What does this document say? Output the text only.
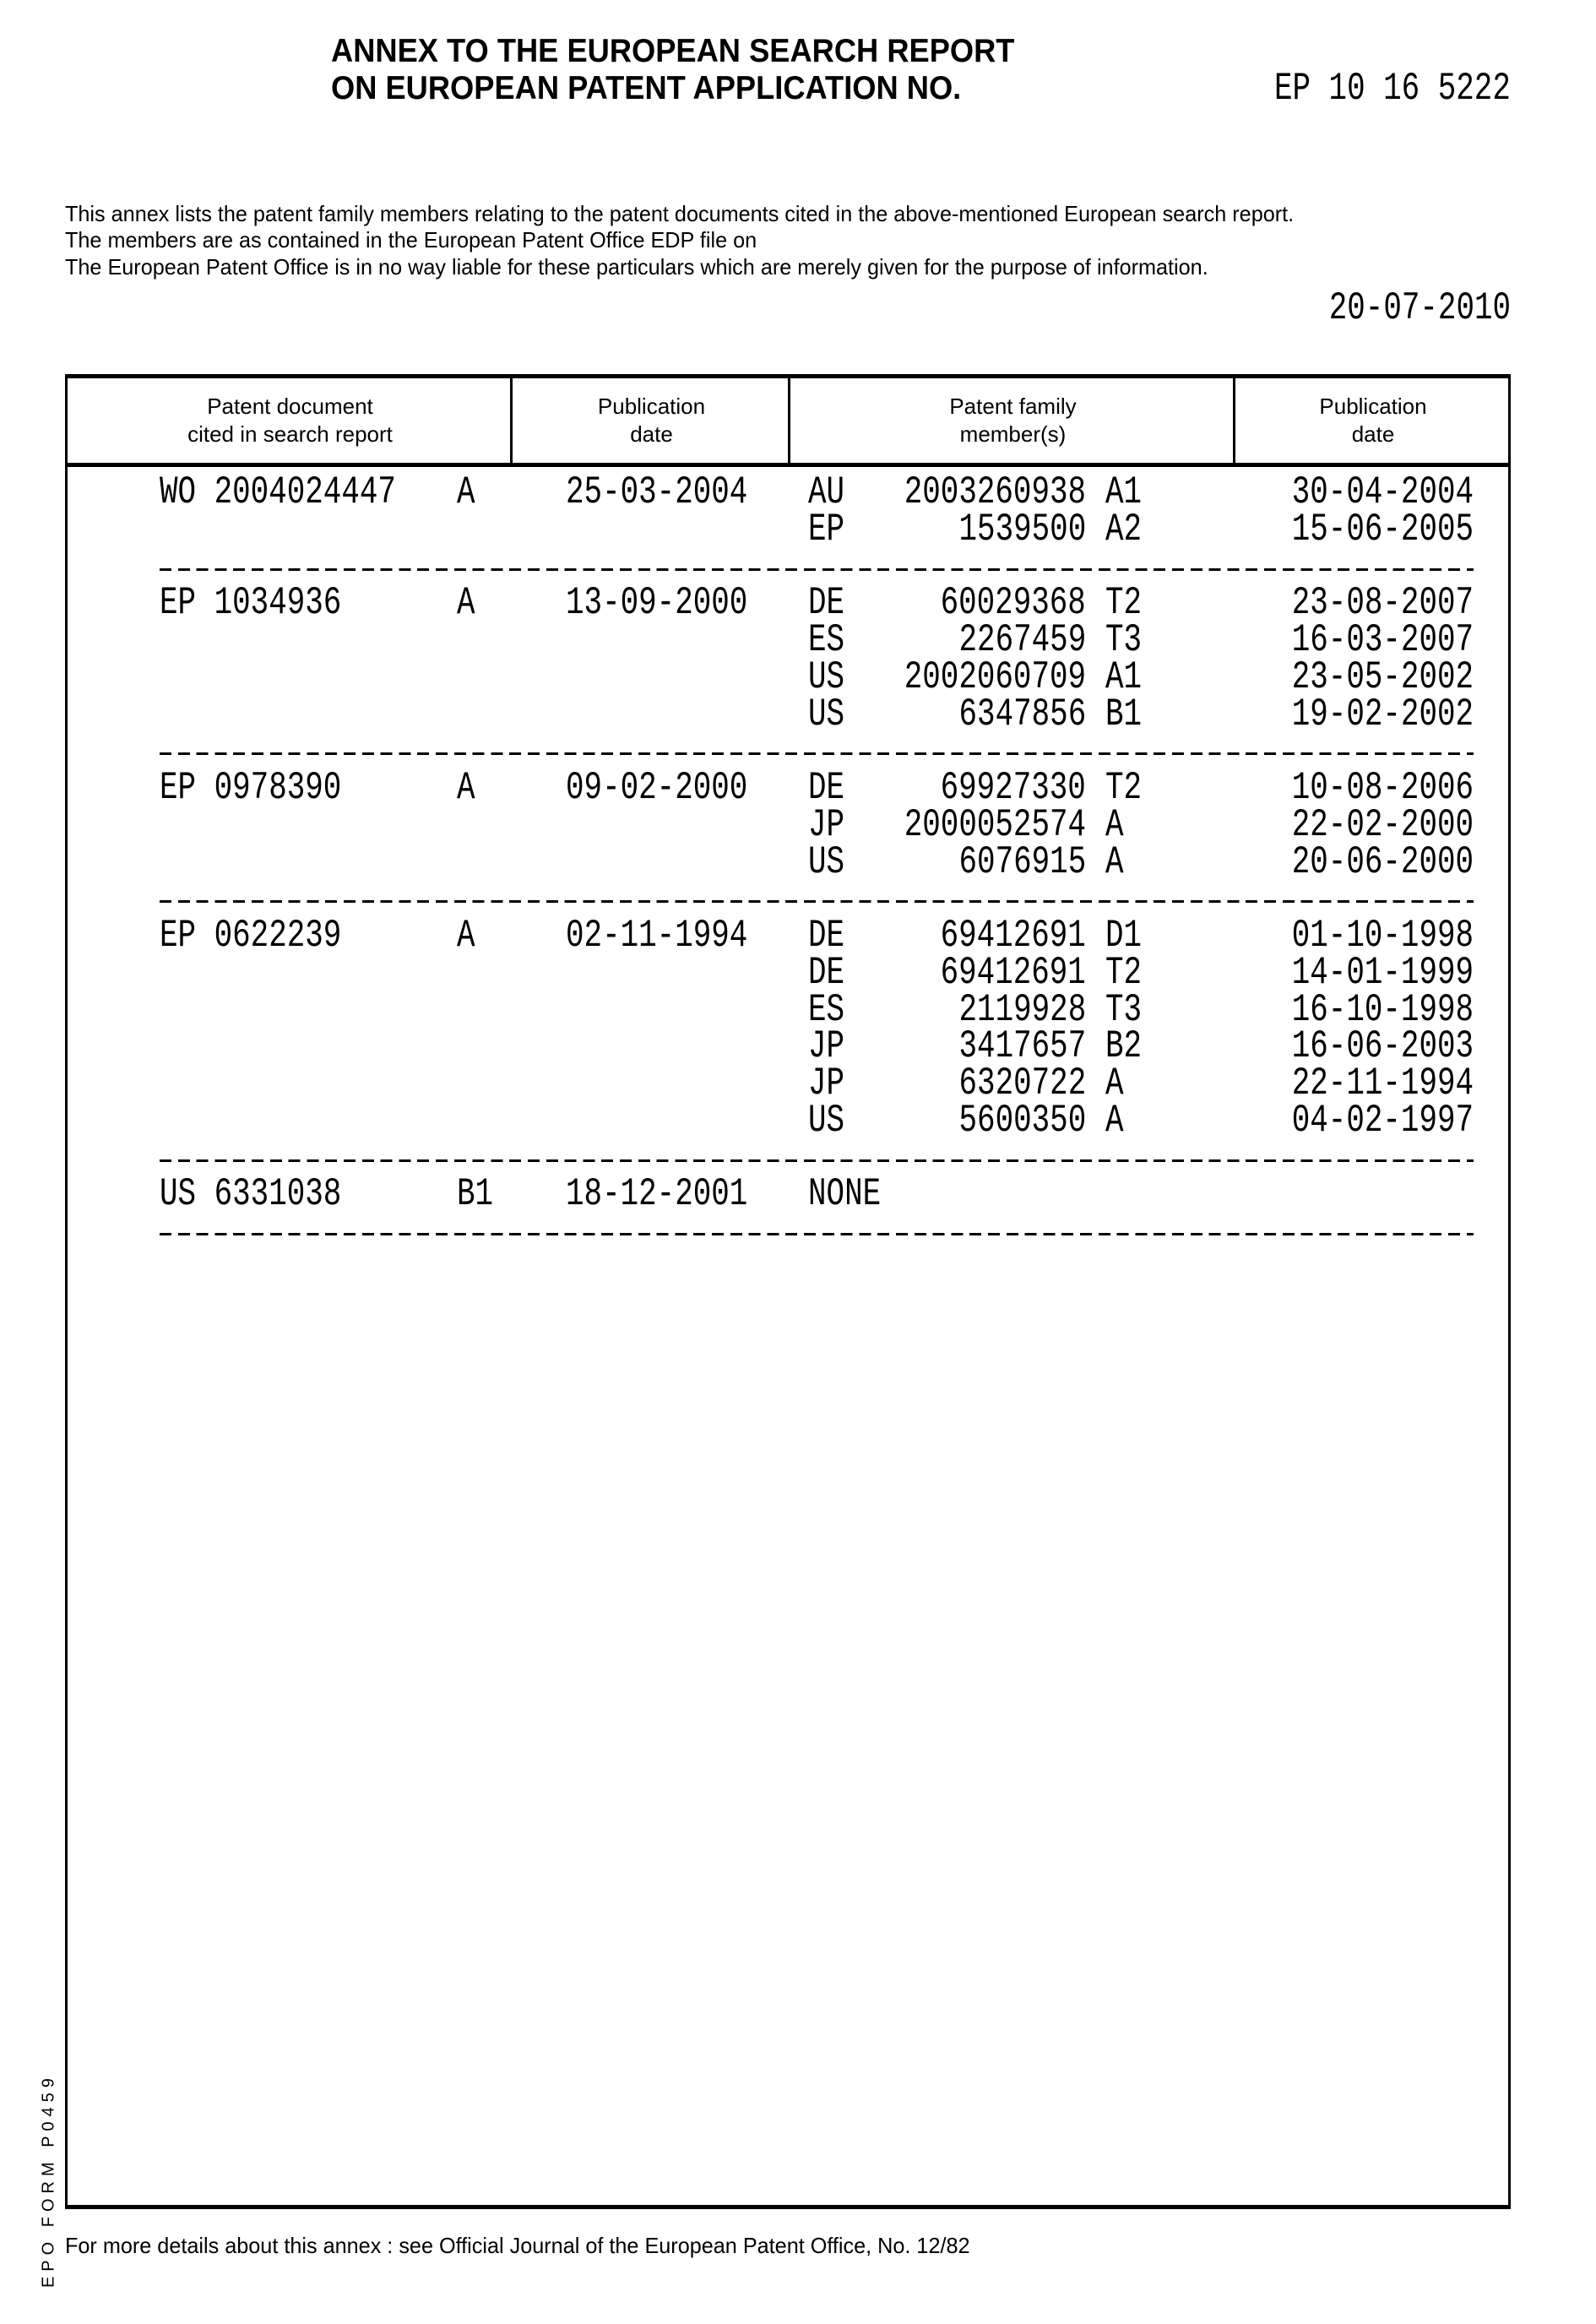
ANNEX TO THE EUROPEAN SEARCH REPORT
ON EUROPEAN PATENT APPLICATION NO.	EP 10 16 5222
This annex lists the patent family members relating to the patent documents cited in the above-mentioned European search report.
The members are as contained in the European Patent Office EDP file on
The European Patent Office is in no way liable for these particulars which are merely given for the purpose of information.
20-07-2010
Patent document
cited in search report
Publication
date
Patent family
member(s)
Publication
date
WO 2004024447 A 25-03-2004 AU 2003260938 A1	30-04-2004
EP	1539500 A2	15-06-2005
EP 1034936	A 13-09-2000 DE 60029368 T2	23-08-2007
ES	2267459 T3	16-03-2007
US 2002060709 A1	23-05-2002
US	6347856 B1	19-02-2002
EP 0978390	A 09-02-2000 DE 69927330 T2	10-08-2006
JP 2000052574 A	22-02-2000
US	6076915 A	20-06-2000
EP 0622239	A 02-11-1994 DE 69412691 D1	01-10-1998
DE 69412691 T2	14-01-1999
ES	2119928 T3	16-10-1998
JP	3417657 B2	16-06-2003
JP	6320722 A	22-11-1994
US	5600350 A	04-02-1997
US 6331038	B1 18-12-2001 NONE
For more details about this annex : see Official Journal of the European Patent Office, No. 12/82
EPO FORM P0459
